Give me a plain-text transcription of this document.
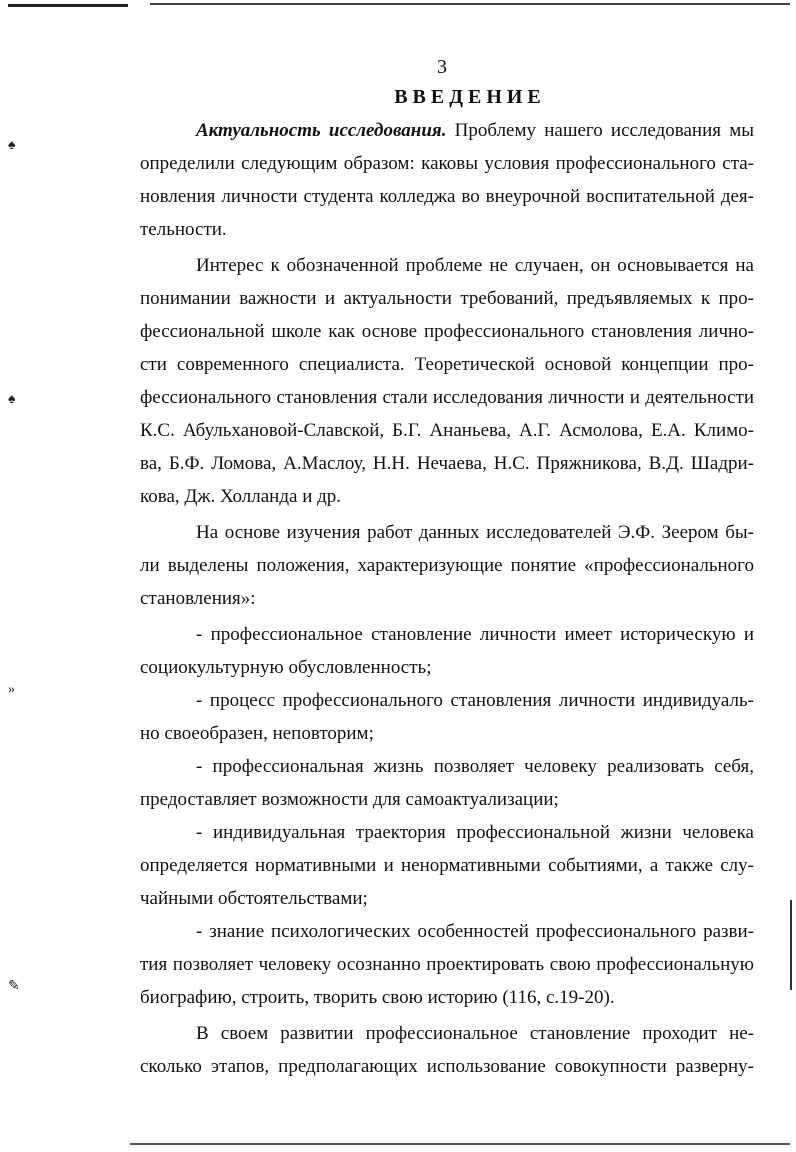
♠
♠
»
✎
3
ВВЕДЕНИЕ
Актуальность исследования. Проблему нашего исследования мы
определили следующим образом: каковы условия профессионального ста-
новления личности студента колледжа во внеурочной воспитательной дея-
тельности.
Интерес к обозначенной проблеме не случаен, он основывается на
понимании важности и актуальности требований, предъявляемых к про-
фессиональной школе как основе профессионального становления лично-
сти современного специалиста. Теоретической основой концепции про-
фессионального становления стали исследования личности и деятельности
К.С. Абульхановой-Славской, Б.Г. Ананьева, А.Г. Асмолова, Е.А. Климо-
ва, Б.Ф. Ломова, А.Маслоу, Н.Н. Нечаева, Н.С. Пряжникова, В.Д. Шадри-
кова, Дж. Холланда и др.
На основе изучения работ данных исследователей Э.Ф. Зеером бы-
ли выделены положения, характеризующие понятие «профессионального
становления»:
- профессиональное становление личности имеет историческую и
социокультурную обусловленность;
- процесс профессионального становления личности индивидуаль-
но своеобразен, неповторим;
- профессиональная жизнь позволяет человеку реализовать себя,
предоставляет возможности для самоактуализации;
- индивидуальная траектория профессиональной жизни человека
определяется нормативными и ненормативными событиями, а также слу-
чайными обстоятельствами;
- знание психологических особенностей профессионального разви-
тия позволяет человеку осознанно проектировать свою профессиональную
биографию, строить, творить свою историю (116, с.19-20).
В своем развитии профессиональное становление проходит не-
сколько этапов, предполагающих использование совокупности разверну-
